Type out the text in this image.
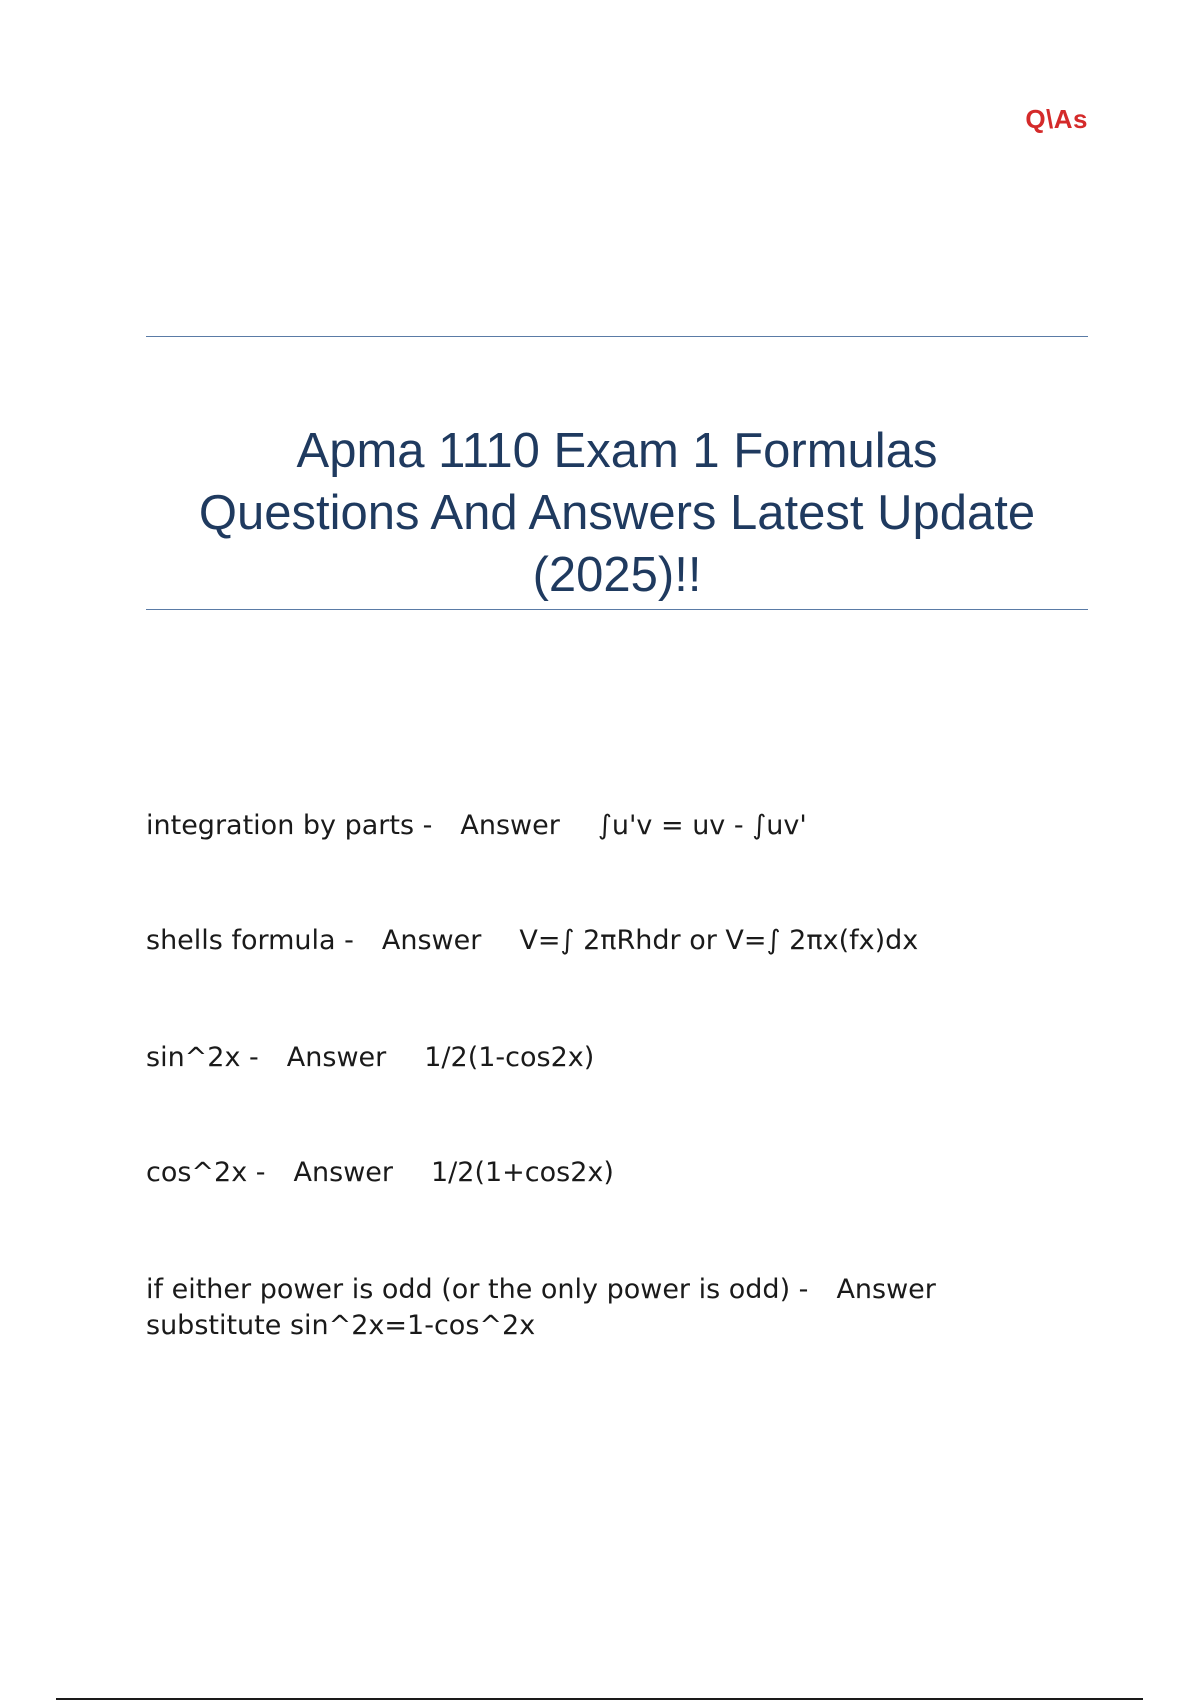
Q\As
Apma 1110 Exam 1 Formulas
Questions And Answers Latest Update
(2025)!!
integration by parts - Answer ∫u'v = uv - ∫uv'
shells formula - Answer V=∫ 2πRhdr or V=∫ 2πx(fx)dx
sin^2x - Answer 1/2(1-cos2x)
cos^2x - Answer 1/2(1+cos2x)
if either power is odd (or the only power is odd) - Answer
substitute sin^2x=1-cos^2x
